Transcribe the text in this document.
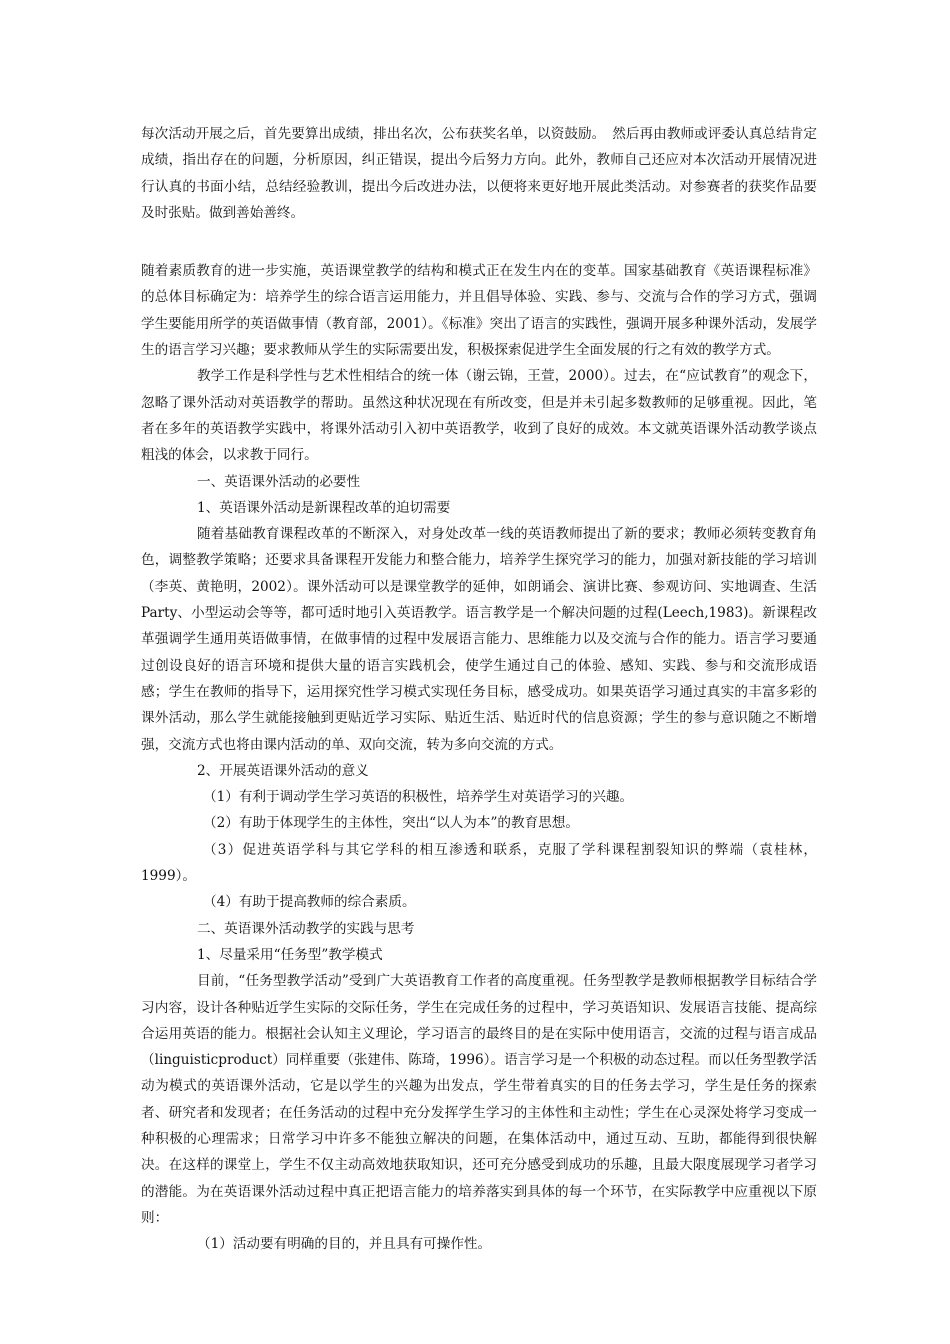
每次活动开展之后，首先要算出成绩，排出名次，公布获奖名单，以资鼓励。　然后再由教师或评委认真总结肯定成绩，指出存在的问题，分析原因，纠正错误，提出今后努力方向。此外，教师自己还应对本次活动开展情况进行认真的书面小结，总结经验教训，提出今后改进办法，以便将来更好地开展此类活动。对参赛者的获奖作品要及时张贴。做到善始善终。

随着素质教育的进一步实施，英语课堂教学的结构和模式正在发生内在的变革。国家基础教育《英语课程标准》的总体目标确定为：培养学生的综合语言运用能力，并且倡导体验、实践、参与、交流与合作的学习方式，强调学生要能用所学的英语做事情（教育部，2001）。《标准》突出了语言的实践性，强调开展多种课外活动，发展学生的语言学习兴趣；要求教师从学生的实际需要出发，积极探索促进学生全面发展的行之有效的教学方式。

教学工作是科学性与艺术性相结合的统一体（谢云锦，王萱，2000）。过去，在“应试教育”的观念下，忽略了课外活动对英语教学的帮助。虽然这种状况现在有所改变，但是并未引起多数教师的足够重视。因此，笔者在多年的英语教学实践中，将课外活动引入初中英语教学，收到了良好的成效。本文就英语课外活动教学谈点粗浅的体会，以求教于同行。

一、英语课外活动的必要性

1、英语课外活动是新课程改革的迫切需要

随着基础教育课程改革的不断深入，对身处改革一线的英语教师提出了新的要求；教师必须转变教育角色，调整教学策略；还要求具备课程开发能力和整合能力，培养学生探究学习的能力，加强对新技能的学习培训（李英、黄艳明，2002）。课外活动可以是课堂教学的延伸，如朗诵会、演讲比赛、参观访问、实地调查、生活Party、小型运动会等等，都可适时地引入英语教学。语言教学是一个解决问题的过程(Leech,1983)。新课程改革强调学生通用英语做事情，在做事情的过程中发展语言能力、思维能力以及交流与合作的能力。语言学习要通过创设良好的语言环境和提供大量的语言实践机会，使学生通过自己的体验、感知、实践、参与和交流形成语感；学生在教师的指导下，运用探究性学习模式实现任务目标，感受成功。如果英语学习通过真实的丰富多彩的课外活动，那么学生就能接触到更贴近学习实际、贴近生活、贴近时代的信息资源；学生的参与意识随之不断增强，交流方式也将由课内活动的单、双向交流，转为多向交流的方式。

2、开展英语课外活动的意义

（1）有利于调动学生学习英语的积极性，培养学生对英语学习的兴趣。

（2）有助于体现学生的主体性，突出“以人为本”的教育思想。

（3）促进英语学科与其它学科的相互渗透和联系，克服了学科课程割裂知识的弊端（袁桂林，1999）。

（4）有助于提高教师的综合素质。

二、英语课外活动教学的实践与思考

1、尽量采用“任务型”教学模式

目前，“任务型教学活动”受到广大英语教育工作者的高度重视。任务型教学是教师根据教学目标结合学习内容，设计各种贴近学生实际的交际任务，学生在完成任务的过程中，学习英语知识、发展语言技能、提高综合运用英语的能力。根据社会认知主义理论，学习语言的最终目的是在实际中使用语言，交流的过程与语言成品（linguisticproduct）同样重要（张建伟、陈琦，1996）。语言学习是一个积极的动态过程。而以任务型教学活动为模式的英语课外活动，它是以学生的兴趣为出发点，学生带着真实的目的任务去学习，学生是任务的探索者、研究者和发现者；在任务活动的过程中充分发挥学生学习的主体性和主动性；学生在心灵深处将学习变成一种积极的心理需求；日常学习中许多不能独立解决的问题，在集体活动中，通过互动、互助，都能得到很快解决。在这样的课堂上，学生不仅主动高效地获取知识，还可充分感受到成功的乐趣，且最大限度展现学习者学习的潜能。为在英语课外活动过程中真正把语言能力的培养落实到具体的每一个环节，在实际教学中应重视以下原则：

（1）活动要有明确的目的，并且具有可操作性。
